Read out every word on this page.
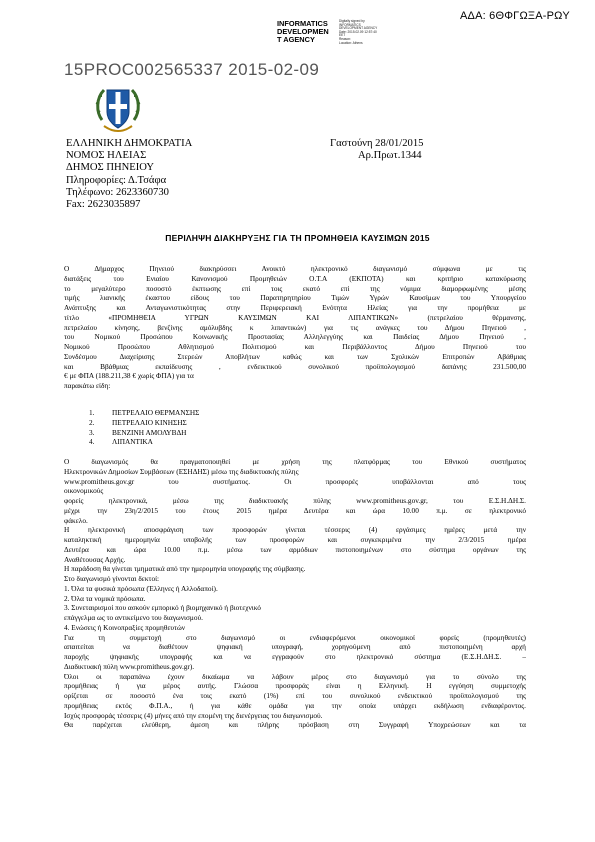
ΑΔΑ: 6ΘΦΓΩΞΑ-ΡΩΥ
INFORMATICS
DEVELOPMEN
T AGENCY
Digitally signed by
INFORMATICS
DEVELOPMENT AGENCY
Date: 2015.02.09 12:57:40
EET
Reason:
Location: Athens
15PROC002565337 2015-02-09
ΕΛΛΗΝΙΚΗ ΔΗΜΟΚΡΑΤΙΑ
ΝΟΜΟΣ ΗΛΕΙΑΣ
ΔΗΜΟΣ ΠΗΝΕΙΟΥ
Πληροφορίες: Δ.Τσάφα
Τηλέφωνο: 2623360730
Fax: 2623035897
Γαστούνη 28/01/2015
Αρ.Πρωτ.1344
ΠΕΡΙΛΗΨΗ ΔΙΑΚΗΡΥΞΗΣ ΓΙΑ ΤΗ ΠΡΟΜΗΘΕΙΑ ΚΑΥΣΙΜΩΝ 2015
Ο Δήμαρχος Πηνειού διακηρύσσει Ανοικτό ηλεκτρονικό διαγωνισμό σύμφωνα με τις
διατάξεις του Ενιαίου Κανονισμού Προμηθειών Ο.Τ.Α (ΕΚΠΟΤΑ) και κριτήριο κατακύρωσης
το μεγαλύτερο ποσοστό έκπτωσης επί τοις εκατό επί της νόμιμα διαμορφωμένης μέσης
τιμής λιανικής έκαστου είδους του Παρατηρητηρίου Τιμών Υγρών Καυσίμων του Υπουργείου
Ανάπτυξης και Ανταγωνιστικότητας στην Περιφερειακή Ενότητα Ηλείας για την προμήθεια με
τίτλο «ΠΡΟΜΗΘΕΙΑ ΥΓΡΩΝ ΚΑΥΣΙΜΩΝ ΚΑΙ ΛΙΠΑΝΤΙΚΩΝ» (πετρελαίου θέρμανσης,
πετρελαίου κίνησης, βενζίνης αμόλυβδης κ λιπαντικών) για τις ανάγκες του Δήμου Πηνειού ,
του Νομικού Προσώπου Κοινωνικής Προστασίας Αλληλεγγύης και Παιδείας Δήμου Πηνειού ,
Νομικού Προσώπου Αθλητισμού Πολιτισμού και Περιβάλλοντος Δήμου Πηνειού του
Συνδέσμου Διαχείρισης Στερεών Αποβλήτων καθώς και των Σχολικών Επιτροπών Αβάθμιας
και Ββάθμιας εκπαίδευσης , ενδεικτικού συνολικού προϋπολογισμού δαπάνης 231.500,00
€ με ΦΠΑ (188.211,38 € χωρίς ΦΠΑ) για τα
παρακάτω είδη:
1. ΠΕΤΡΕΛΑΙΟ ΘΕΡΜΑΝΣΗΣ
2. ΠΕΤΡΕΛΑΙΟ ΚΙΝΗΣΗΣ
3. ΒΕΝΖΙΝΗ ΑΜΟΛΥΒΔΗ
4. ΛΙΠΑΝΤΙΚΑ
Ο διαγωνισμός θα πραγματοποιηθεί με χρήση της πλατφόρμας του Εθνικού συστήματος
Ηλεκτρονικών Δημοσίων Συμβάσεων (ΕΣΗΔΗΣ) μέσω της διαδικτυακής πύλης
www.promitheus.gov.gr του συστήματος. Οι προσφορές υποβάλλονται από τους
οικονομικούς
φορείς ηλεκτρονικά, μέσω της διαδικτυακής πύλης www.promitheus.gov.gr, του Ε.Σ.Η.ΔΗ.Σ.
μέχρι την 23η/2/2015 του έτους 2015 ημέρα Δευτέρα και ώρα 10.00 π.μ. σε ηλεκτρονικό
φάκελο.
Η ηλεκτρονική αποσφράγιση των προσφορών γίνεται τέσσερις (4) εργάσιμες ημέρες μετά την
καταληκτική ημερομηνία υποβολής των προσφορών και συγκεκριμένα την 2/3/2015 ημέρα
Δευτέρα και ώρα 10.00 π.μ. μέσω των αρμόδιων πιστοποιημένων στο σύστημα οργάνων της
Αναθέτουσας Αρχής.
Η παράδοση θα γίνεται τμηματικά από την ημερομηνία υπογραφής της σύμβασης.
Στο διαγωνισμό γίνονται δεκτοί:
1. Όλα τα φυσικά πρόσωπα (Έλληνες ή Αλλοδαποί).
2. Όλα τα νομικά πρόσωπα.
3. Συνεταιρισμοί που ασκούν εμπορικό ή βιομηχανικό ή βιοτεχνικό
επάγγελμα ως το αντικείμενο του διαγωνισμού.
4. Ενώσεις ή Κοινοπραξίες προμηθευτών
Για τη συμμετοχή στο διαγωνισμό οι ενδιαφερόμενοι οικονομικοί φορείς (προμηθευτές)
απαιτείται να διαθέτουν ψηφιακή υπογραφή, χορηγούμενη από πιστοποιημένη αρχή
παροχής ψηφιακής υπογραφής και να εγγραφούν στο ηλεκτρονικό σύστημα (Ε.Σ.Η.ΔΗ.Σ. –
Διαδικτυακή πύλη www.promitheus.gov.gr).
Όλοι οι παραπάνω έχουν δικαίωμα να λάβουν μέρος στο διαγωνισμό για το σύνολο της
προμήθειας ή για μέρος αυτής. Γλώσσα προσφοράς είναι η Ελληνική. Η εγγύηση συμμετοχής
ορίζεται σε ποσοστό ένα τοις εκατό (1%) επί του συνολικού ενδεικτικού προϋπολογισμού της
προμήθειας εκτός Φ.Π.Α., ή για κάθε ομάδα για την οποία υπάρχει εκδήλωση ενδιαφέροντος.
Ισχύς προσφοράς τέσσερις (4) μήνες από την επομένη της διενέργειας του διαγωνισμού.
Θα παρέχεται ελεύθερη, άμεση και πλήρης πρόσβαση στη Συγγραφή Υποχρεώσεων και τα
